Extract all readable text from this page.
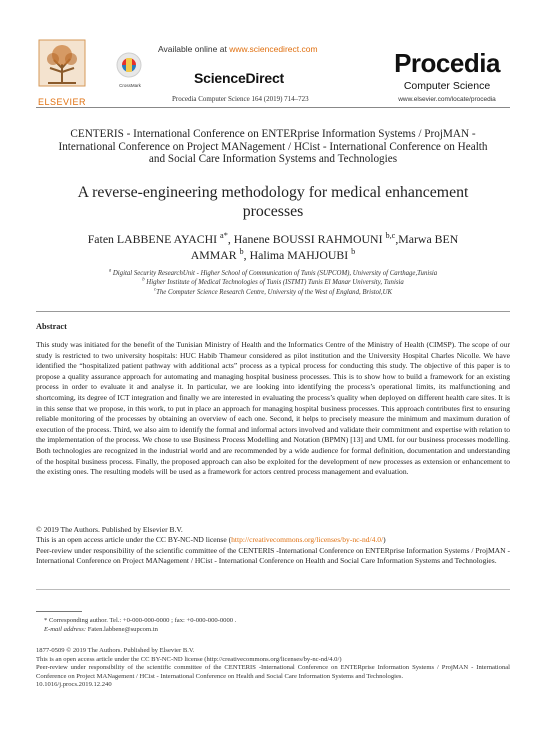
ELSEVIER
Available online at www.sciencedirect.com
CrossMark	ScienceDirect
Procedia Computer Science 164 (2019) 714–723
Procedia
Computer Science
www.elsevier.com/locate/procedia
CENTERIS - International Conference on ENTERprise Information Systems / ProjMAN -
International Conference on Project MANagement / HCist - International Conference on Health
and Social Care Information Systems and Technologies
A reverse-engineering methodology for medical enhancement
processes
Faten LABBENE AYACHI $^{a*}$, Hanene BOUSSI RAHMOUNI $^{b,c}$,Marwa BEN
AMMAR $^b$, Halima MAHJOUBI $^b$
$^a$ Digital Security ResearchUnit - Higher School of Communication of Tunis (SUPCOM), University of Carthage,Tunisia
$^b$ Higher Institute of Medical Technologies of Tunis (ISTMT) Tunis El Manar University, Tunisia
$^c$The Computer Science Research Centre, University of the West of England, Bristol,UK
Abstract
This study was initiated for the benefit of the Tunisian Ministry of Health and the Informatics Centre of the Ministry of Health (CIMSP). The scope of our study is restricted to two university hospitals: HUC Habib Thameur considered as pilot institution and the University Hospital Charles Nicolle. We have identified the “hospitalized patient pathway with additional acts” process as a typical process for conducting this study. The objective of this paper is to propose a quality assurance approach for automating and managing hospital business processes. This is to show how to build a framework for an existing process in order to evaluate it and analyse it. In particular, we are looking into identifying the process’s operational limits, its malfunctioning and shortcoming, its degree of ICT integration and finally we are interested in evaluating the process’s quality when deployed on different health care sites. It is in this sense that we propose, in this work, to put in place an approach for managing hospital business processes. This approach contributes first to ensuring reliable monitoring of the processes by obtaining an overview of each one. Second, it helps to precisely measure the minimum and maximum duration of execution of the process. Third, we also aim to identify the formal and informal actors involved and validate their commitment and expertise with relation to the implementation of the process. We chose to use Business Process Modelling and Notation (BPMN) [13] and UML for our business processes modelling. Both technologies are recognized in the industrial world and are recommended by a wide audience for formal definition, documentation and understanding of the hospital business process. Finally, the proposed approach can also be exploited for the development of new processes as extension or enhancement to the existing ones. The resulting models will be used as a framework for actors centred process management and evaluation.
© 2019 The Authors. Published by Elsevier B.V.
This is an open access article under the CC BY-NC-ND license (http://creativecommons.org/licenses/by-nc-nd/4.0/)
Peer-review under responsibility of the scientific committee of the CENTERIS -International Conference on ENTERprise Information Systems / ProjMAN - International Conference on Project MANagement / HCist - International Conference on Health and Social Care Information Systems and Technologies.
* Corresponding author. Tel.: +0-000-000-0000 ; fax: +0-000-000-0000 .
E-mail address: Faten.labbene@supcom.tn
1877-0509 © 2019 The Authors. Published by Elsevier B.V.
This is an open access article under the CC BY-NC-ND license (http://creativecommons.org/licenses/by-nc-nd/4.0/)
Peer-review under responsibility of the scientific committee of the CENTERIS -International Conference on ENTERprise Information Systems / ProjMAN - International Conference on Project MANagement / HCist - International Conference on Health and Social Care Information Systems and Technologies.
10.1016/j.procs.2019.12.240
